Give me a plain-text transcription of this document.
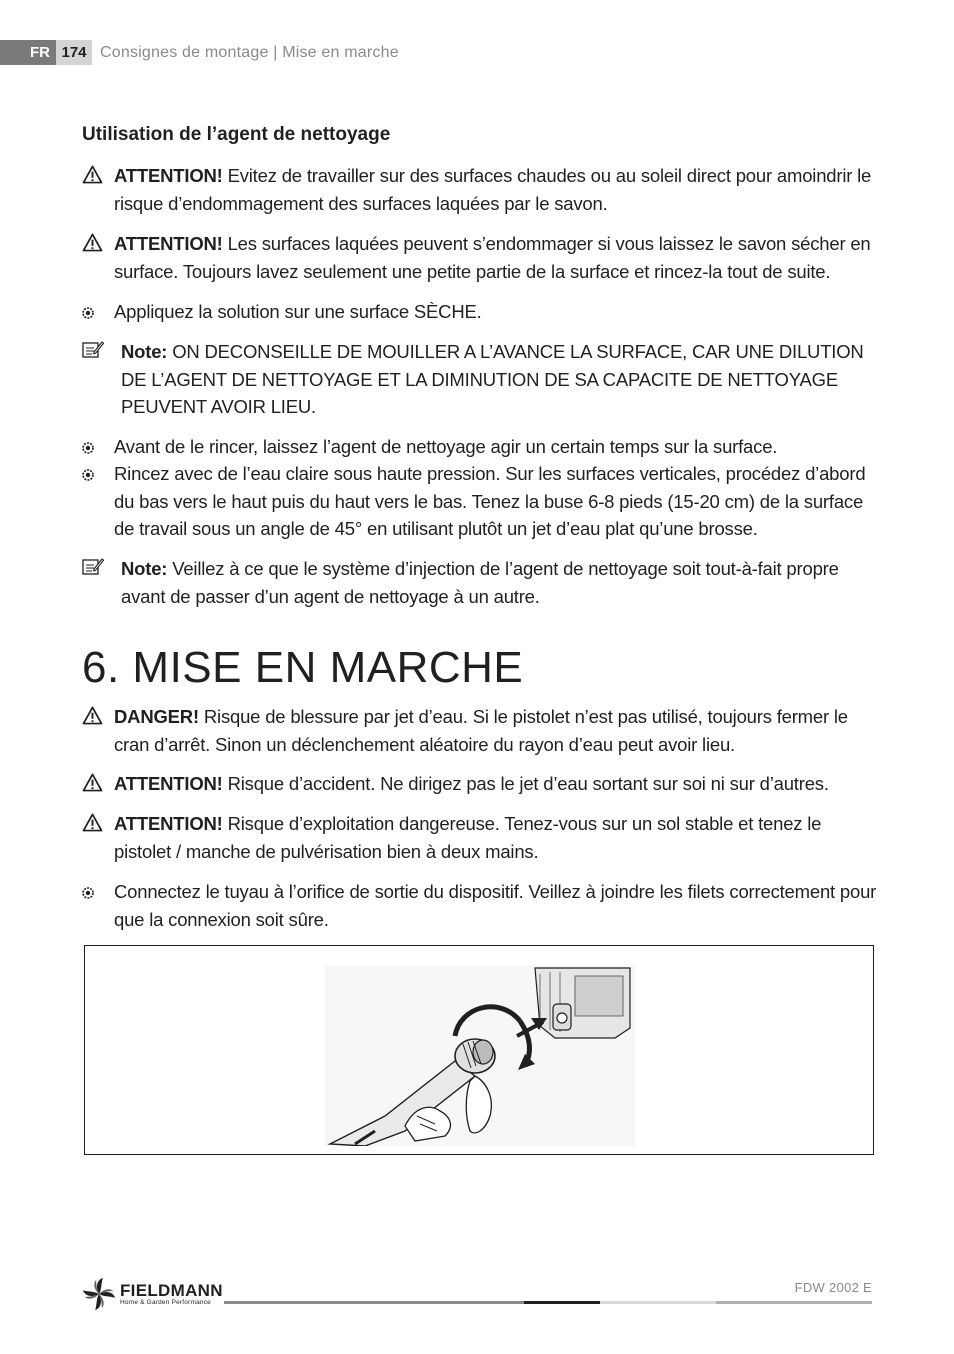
FR 174 Consignes de montage | Mise en marche
Utilisation de l’agent de nettoyage
ATTENTION! Evitez de travailler sur des surfaces chaudes ou au soleil direct pour amoindrir le risque d’endommagement des surfaces laquées par le savon.
ATTENTION! Les surfaces laquées peuvent s’endommager si vous laissez le savon sécher en surface. Toujours lavez seulement une petite partie de la surface et rincez-la tout de suite.
Appliquez la solution sur une surface SÈCHE.
Note: ON DECONSEILLE DE MOUILLER A L’AVANCE LA SURFACE, CAR UNE DILUTION DE L’AGENT DE NETTOYAGE ET LA DIMINUTION DE SA CAPACITE DE NETTOYAGE PEUVENT AVOIR LIEU.
Avant de le rincer, laissez l’agent de nettoyage agir un certain temps sur la surface.
Rincez avec de l’eau claire sous haute pression. Sur les surfaces verticales, procédez d’abord du bas vers le haut puis du haut vers le bas. Tenez la buse 6-8 pieds (15-20 cm) de la surface de travail sous un angle de 45° en utilisant plutôt un jet d’eau plat qu’une brosse.
Note: Veillez à ce que le système d’injection de l’agent de nettoyage soit tout-à-fait propre avant de passer d’un agent de nettoyage à un autre.
6. MISE EN MARCHE
DANGER! Risque de blessure par jet d’eau. Si le pistolet n’est pas utilisé, toujours fermer le cran d’arrêt. Sinon un déclenchement aléatoire du rayon d’eau peut avoir lieu.
ATTENTION! Risque d’accident. Ne dirigez pas le jet d’eau sortant sur soi ni sur d’autres.
ATTENTION! Risque d’exploitation dangereuse. Tenez-vous sur un sol stable et tenez le pistolet / manche de pulvérisation bien à deux mains.
Connectez le tuyau à l’orifice de sortie du dispositif. Veillez à joindre les filets correctement pour que la connexion soit sûre.
FIELDMANN
Home & Garden Performance
FDW 2002 E
